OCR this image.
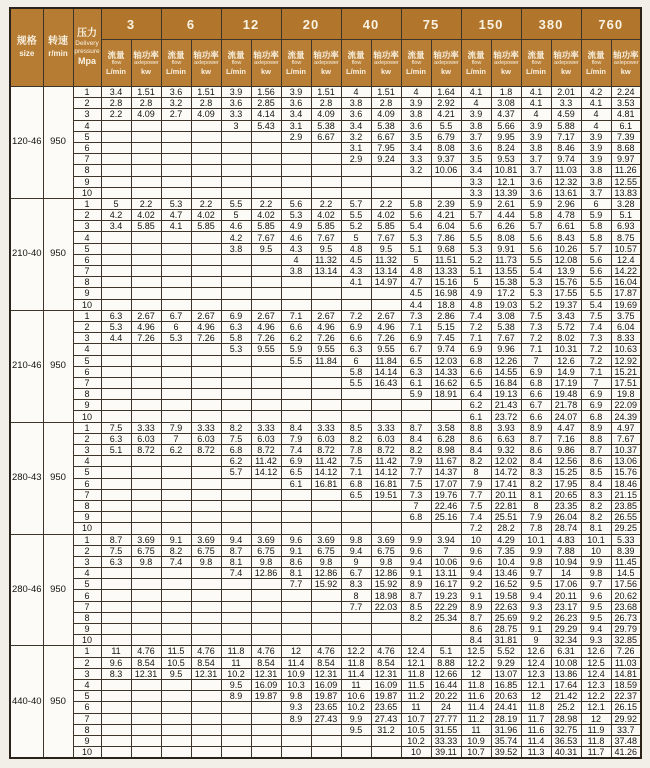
规格
size	转速
r/min	压力
Delivery
pressure
Mpa	3		6		12		20		40		75		150		380		760	

			流量
flow
L/min	轴功率
axlepower
kw	流量
flow
L/min	轴功率
axlepower
kw	流量
flow
L/min	轴功率
axlepower
kw	流量
flow
L/min	轴功率
axlepower
kw	流量
flow
L/min	轴功率
axlepower
kw	流量
flow
L/min	轴功率
axlepower
kw	流量
flow
L/min	轴功率
axlepower
kw	流量
flow
L/min	轴功率
axlepower
kw	流量
flow
L/min	轴功率
axlepower
kw

120-46	950	1	3.4	1.51	3.6	1.51	3.9	1.56	3.9	1.51	4	1.51	4	1.64	4.1	1.8	4.1	2.01	4.2	2.24
		2	2.8	2.8	3.2	2.8	3.6	2.85	3.6	2.8	3.8	2.8	3.9	2.92	4	3.08	4.1	3.3	4.1	3.53
		3	2.2	4.09	2.7	4.09	3.3	4.14	3.4	4.09	3.6	4.09	3.8	4.21	3.9	4.37	4	4.59	4	4.81
		4					3	5.43	3.1	5.38	3.4	5.38	3.6	5.5	3.8	5.66	3.9	5.88	4	6.1
		5							2.9	6.67	3.2	6.67	3.5	6.79	3.7	9.95	3.9	7.17	3.9	7.39
		6									3.1	7.95	3.4	8.08	3.6	8.24	3.8	8.46	3.9	8.68
		7									2.9	9.24	3.3	9.37	3.5	9.53	3.7	9.74	3.9	9.97
		8											3.2	10.06	3.4	10.81	3.7	11.03	3.8	11.26
		9													3.3	12.1	3.6	12.32	3.8	12.55
		10													3.3	13.39	3.6	13.61	3.7	13.83
210-40	950	1	5	2.2	5.3	2.2	5.5	2.2	5.6	2.2	5.7	2.2	5.8	2.39	5.9	2.61	5.9	2.96	6	3.28
		2	4.2	4.02	4.7	4.02	5	4.02	5.3	4.02	5.5	4.02	5.6	4.21	5.7	4.44	5.8	4.78	5.9	5.1
		3	3.4	5.85	4.1	5.85	4.6	5.85	4.9	5.85	5.2	5.85	5.4	6.04	5.6	6.26	5.7	6.61	5.8	6.93
		4					4.2	7.67	4.6	7.67	5	7.67	5.3	7.86	5.5	8.08	5.6	8.43	5.8	8.75
		5					3.8	9.5	4.3	9.5	4.8	9.5	5.1	9.68	5.3	9.91	5.6	10.26	5.7	10.57
		6							4	11.32	4.5	11.32	5	11.51	5.2	11.73	5.5	12.08	5.6	12.4
		7							3.8	13.14	4.3	13.14	4.8	13.33	5.1	13.55	5.4	13.9	5.6	14.22
		8									4.1	14.97	4.7	15.16	5	15.38	5.3	15.76	5.5	16.04
		9											4.5	16.98	4.9	17.2	5.3	17.55	5.5	17.87
		10											4.4	18.8	4.8	19.03	5.2	19.37	5.4	19.69
210-46	950	1	6.3	2.67	6.7	2.67	6.9	2.67	7.1	2.67	7.2	2.67	7.3	2.86	7.4	3.08	7.5	3.43	7.5	3.75
		2	5.3	4.96	6	4.96	6.3	4.96	6.6	4.96	6.9	4.96	7.1	5.15	7.2	5.38	7.3	5.72	7.4	6.04
		3	4.4	7.26	5.3	7.26	5.8	7.26	6.2	7.26	6.6	7.26	6.9	7.45	7.1	7.67	7.2	8.02	7.3	8.33
		4					5.3	9.55	5.9	9.55	6.3	9.55	6.7	9.74	6.9	9.96	7.1	10.31	7.2	10.63
		5							5.5	11.84	6	11.84	6.5	12.03	6.8	12.26	7	12.6	7.2	12.92
		6									5.8	14.14	6.3	14.33	6.6	14.55	6.9	14.9	7.1	15.21
		7									5.5	16.43	6.1	16.62	6.5	16.84	6.8	17.19	7	17.51
		8											5.9	18.91	6.4	19.13	6.6	19.48	6.9	19.8
		9													6.2	21.43	6.7	21.78	6.9	22.09
		10													6.1	23.72	6.6	24.07	6.8	24.39
280-43	950	1	7.5	3.33	7.9	3.33	8.2	3.33	8.4	3.33	8.5	3.33	8.7	3.58	8.8	3.93	8.9	4.47	8.9	4.97
		2	6.3	6.03	7	6.03	7.5	6.03	7.9	6.03	8.2	6.03	8.4	6.28	8.6	6.63	8.7	7.16	8.8	7.67
		3	5.1	8.72	6.2	8.72	6.8	8.72	7.4	8.72	7.8	8.72	8.2	8.98	8.4	9.32	8.6	9.86	8.7	10.37
		4					6.2	11.42	6.9	11.42	7.5	11.42	7.9	11.67	8.2	12.02	8.4	12.56	8.6	13.06
		5					5.7	14.12	6.5	14.12	7.1	14.12	7.7	14.37	8	14.72	8.3	15.25	8.5	15.76
		6							6.1	16.81	6.8	16.81	7.5	17.07	7.9	17.41	8.2	17.95	8.4	18.46
		7									6.5	19.51	7.3	19.76	7.7	20.11	8.1	20.65	8.3	21.15
		8											7	22.46	7.5	22.81	8	23.35	8.2	23.85
		9											6.8	25.16	7.4	25.51	7.9	26.04	8.2	26.55
		10													7.2	28.2	7.8	28.74	8.1	29.25
280-46	950	1	8.7	3.69	9.1	3.69	9.4	3.69	9.6	3.69	9.8	3.69	9.9	3.94	10	4.29	10.1	4.83	10.1	5.33
		2	7.5	6.75	8.2	6.75	8.7	6.75	9.1	6.75	9.4	6.75	9.6	7	9.6	7.35	9.9	7.88	10	8.39
		3	6.3	9.8	7.4	9.8	8.1	9.8	8.6	9.8	9	9.8	9.4	10.06	9.6	10.4	9.8	10.94	9.9	11.45
		4					7.4	12.86	8.1	12.86	6.7	12.86	9.1	13.11	9.4	13.46	9.7	14	9.8	14.5
		5							7.7	15.92	8.3	15.92	8.9	16.17	9.2	16.52	9.5	17.06	9.7	17.56
		6									8	18.98	8.7	19.23	9.1	19.58	9.4	20.11	9.6	20.62
		7									7.7	22.03	8.5	22.29	8.9	22.63	9.3	23.17	9.5	23.68
		8											8.2	25.34	8.7	25.69	9.2	26.23	9.5	26.73
		9													8.6	28.75	9.1	29.29	9.4	29.79
		10													8.4	31.81	9	32.34	9.3	32.85
440-40	950	1	11	4.76	11.5	4.76	11.8	4.76	12	4.76	12.2	4.76	12.4	5.1	12.5	5.52	12.6	6.31	12.6	7.26
		2	9.6	8.54	10.5	8.54	11	8.54	11.4	8.54	11.8	8.54	12.1	8.88	12.2	9.29	12.4	10.08	12.5	11.03
		3	8.3	12.31	9.5	12.31	10.2	12.31	10.9	12.31	11.4	12.31	11.8	12.66	12	13.07	12.3	13.86	12.4	14.81
		4					9.5	16.09	10.3	16.09	11	16.09	11.5	16.44	11.8	16.85	12.1	17.64	12.3	18.59
		5					8.9	19.87	9.8	19.87	10.6	19.87	11.2	20.22	11.6	20.63	12	21.42	12.2	22.37
		6							9.3	23.65	10.2	23.65	11	24	11.4	24.41	11.8	25.2	12.1	26.15
		7							8.9	27.43	9.9	27.43	10.7	27.77	11.2	28.19	11.7	28.98	12	29.92
		8									9.5	31.2	10.5	31.55	11	31.96	11.6	32.75	11.9	33.7
		9											10.2	33.33	10.9	35.74	11.4	36.53	11.8	37.48
		10											10	39.11	10.7	39.52	11.3	40.31	11.7	41.26
